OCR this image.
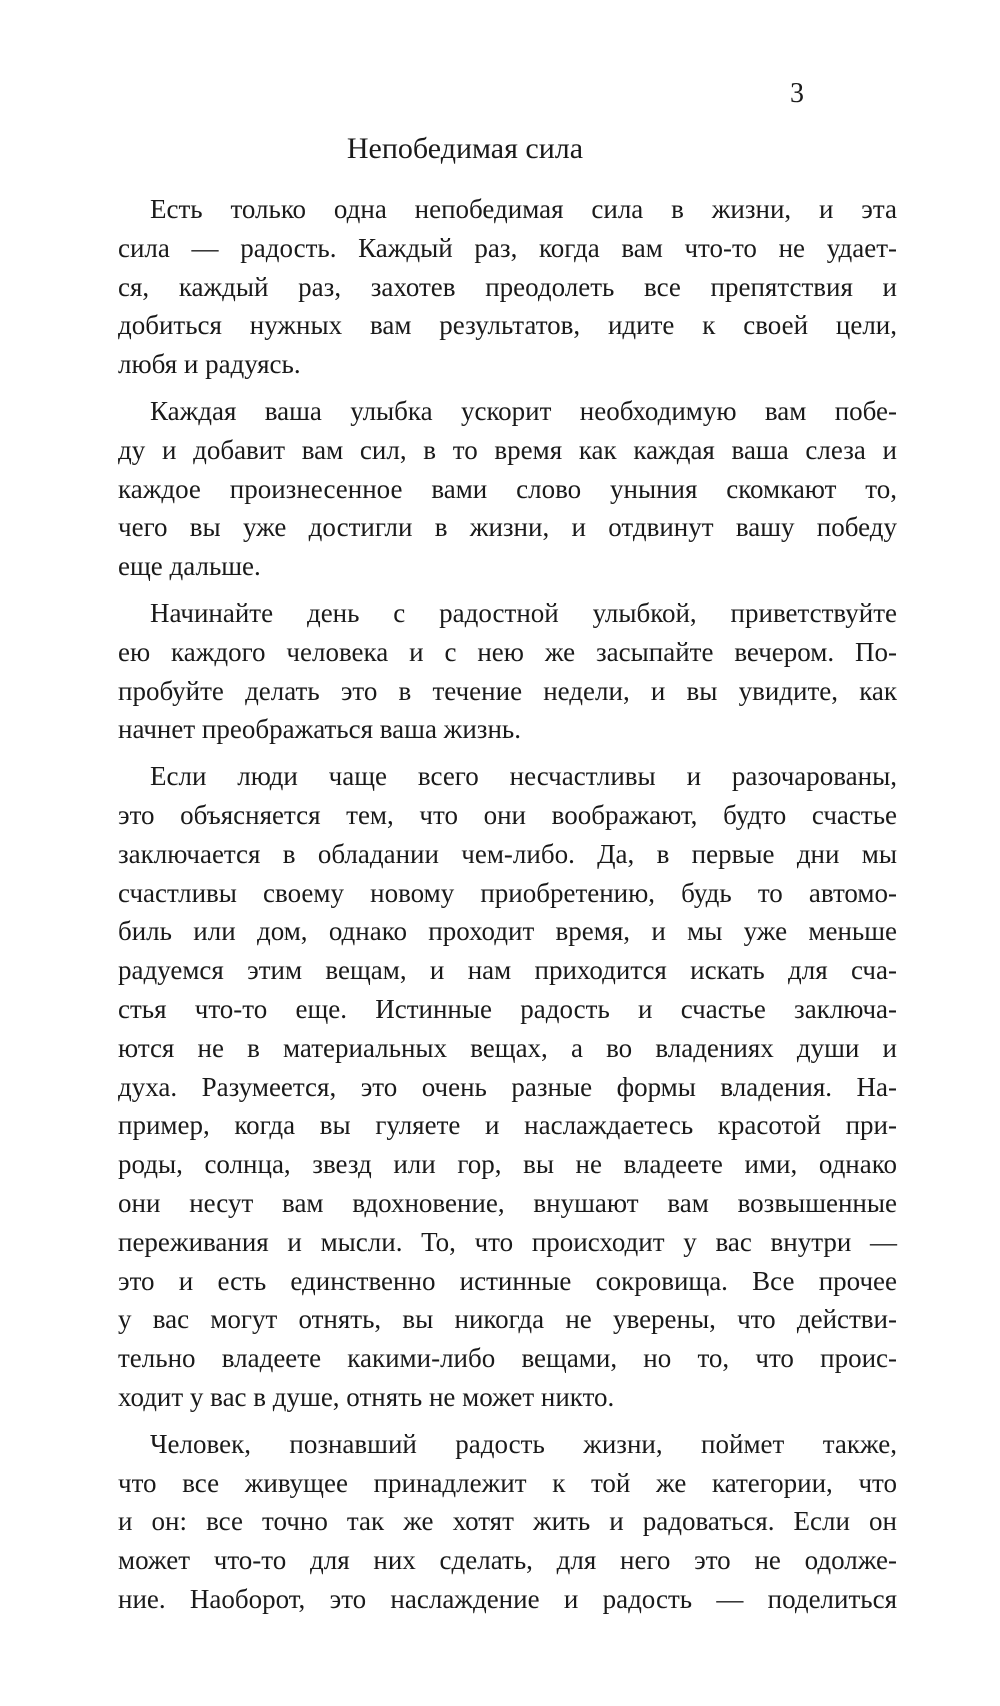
3
Непобедимая сила
Есть только одна непобедимая сила в жизни, и эта
сила — радость. Каждый раз, когда вам что-то не удает-
ся, каждый раз, захотев преодолеть все препятствия и
добиться нужных вам результатов, идите к своей цели,
любя и радуясь.
Каждая ваша улыбка ускорит необходимую вам побе-
ду и добавит вам сил, в то время как каждая ваша слеза и
каждое произнесенное вами слово уныния скомкают то,
чего вы уже достигли в жизни, и отдвинут вашу победу
еще дальше.
Начинайте день с радостной улыбкой, приветствуйте
ею каждого человека и с нею же засыпайте вечером. По-
пробуйте делать это в течение недели, и вы увидите, как
начнет преображаться ваша жизнь.
Если люди чаще всего несчастливы и разочарованы,
это объясняется тем, что они воображают, будто счастье
заключается в обладании чем-либо. Да, в первые дни мы
счастливы своему новому приобретению, будь то автомо-
биль или дом, однако проходит время, и мы уже меньше
радуемся этим вещам, и нам приходится искать для сча-
стья что-то еще. Истинные радость и счастье заключа-
ются не в материальных вещах, а во владениях души и
духа. Разумеется, это очень разные формы владения. На-
пример, когда вы гуляете и наслаждаетесь красотой при-
роды, солнца, звезд или гор, вы не владеете ими, однако
они несут вам вдохновение, внушают вам возвышенные
переживания и мысли. То, что происходит у вас внутри —
это и есть единственно истинные сокровища. Все прочее
у вас могут отнять, вы никогда не уверены, что действи-
тельно владеете какими-либо вещами, но то, что проис-
ходит у вас в душе, отнять не может никто.
Человек, познавший радость жизни, поймет также,
что все живущее принадлежит к той же категории, что
и он: все точно так же хотят жить и радоваться. Если он
может что-то для них сделать, для него это не одолже-
ние. Наоборот, это наслаждение и радость — поделиться
